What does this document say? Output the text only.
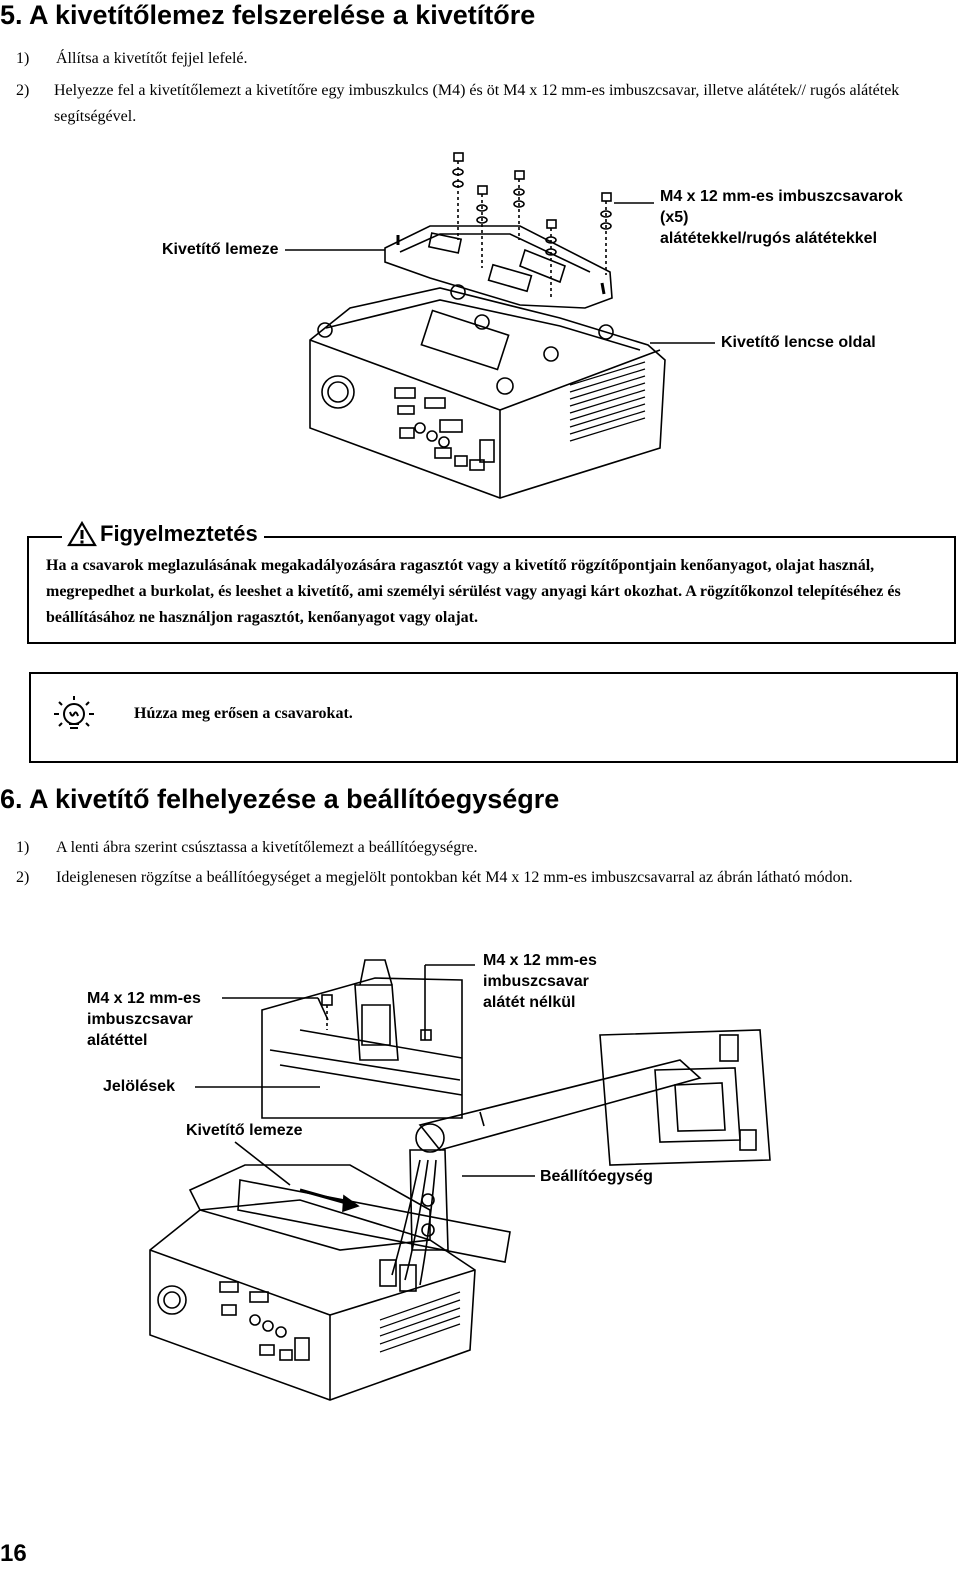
5. A kivetítőlemez felszerelése a kivetítőre
1) Állítsa a kivetítőt fejjel lefelé.
2) Helyezze fel a kivetítőlemezt a kivetítőre egy imbuszkulcs (M4) és öt M4 x 12 mm-es imbuszcsavar, illetve alátétek// rugós alátétek segítségével.
Kivetítő lemeze
M4 x 12 mm-es imbuszcsavarok
(x5)
alátétekkel/rugós alátétekkel
Kivetítő lencse oldal
Figyelmeztetés
Ha a csavarok meglazulásának megakadályozására ragasztót vagy a kivetítő rögzítőpontjain kenőanyagot, olajat használ, megrepedhet a burkolat, és leeshet a kivetítő, ami személyi sérülést vagy anyagi kárt okozhat. A rögzítőkonzol telepítéséhez és beállításához ne használjon ragasztót, kenőanyagot vagy olajat.
Húzza meg erősen a csavarokat.
6. A kivetítő felhelyezése a beállítóegységre
1) A lenti ábra szerint csúsztassa a kivetítőlemezt a beállítóegységre.
2) Ideiglenesen rögzítse a beállítóegységet a megjelölt pontokban két M4 x 12 mm-es imbuszcsavarral az ábrán látható módon.
M4 x 12 mm-es
imbuszcsavar
alátéttel
M4 x 12 mm-es
imbuszcsavar
alátét nélkül
Jelölések
Kivetítő lemeze
Beállítóegység
16
